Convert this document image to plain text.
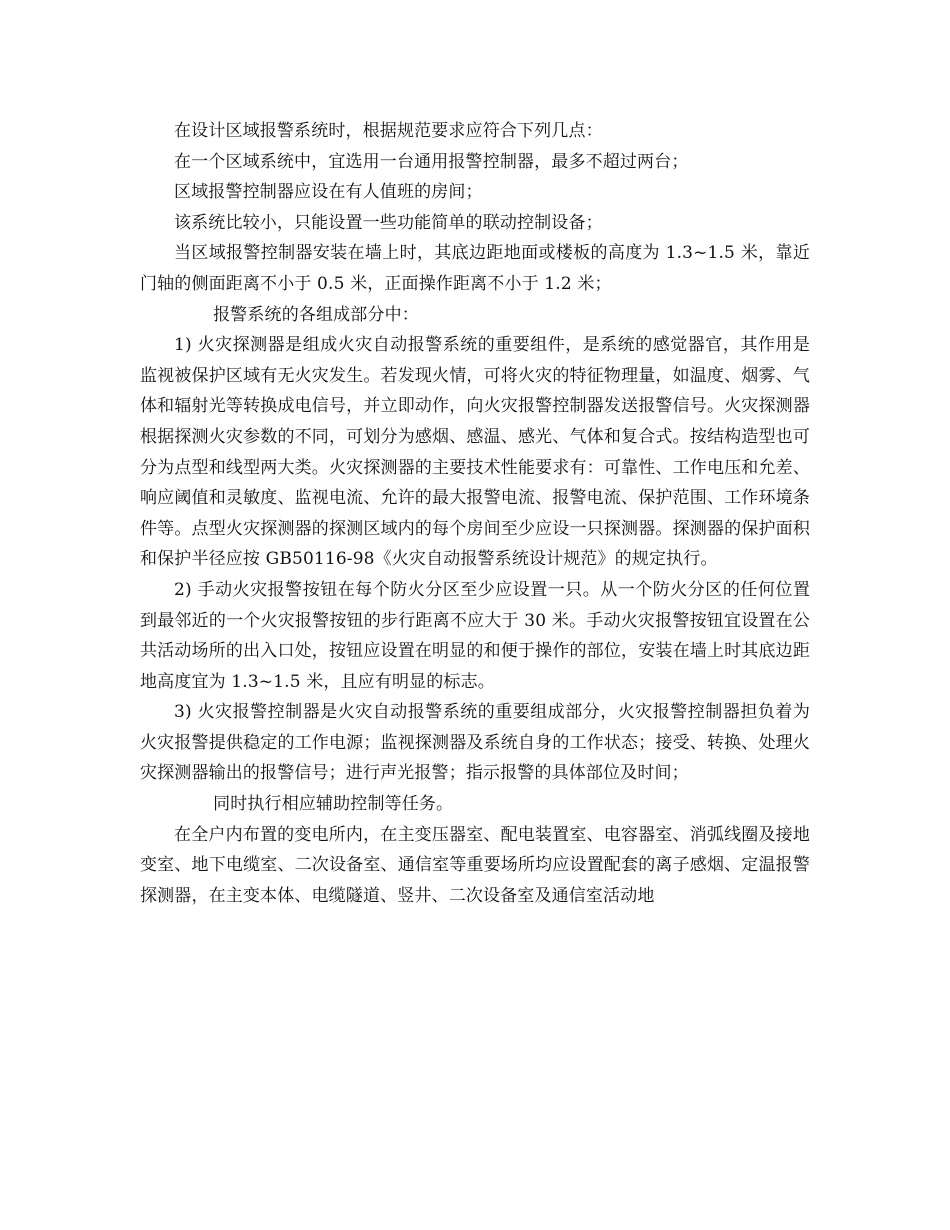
在设计区域报警系统时，根据规范要求应符合下列几点：

在一个区域系统中，宜选用一台通用报警控制器，最多不超过两台；

区域报警控制器应设在有人值班的房间；

该系统比较小，只能设置一些功能简单的联动控制设备；

当区域报警控制器安装在墙上时，其底边距地面或楼板的高度为 1.3~1.5 米，靠近门轴的侧面距离不小于 0.5 米，正面操作距离不小于 1.2 米；

报警系统的各组成部分中：

1) 火灾探测器是组成火灾自动报警系统的重要组件，是系统的感觉器官，其作用是监视被保护区域有无火灾发生。若发现火情，可将火灾的特征物理量，如温度、烟雾、气体和辐射光等转换成电信号，并立即动作，向火灾报警控制器发送报警信号。火灾探测器根据探测火灾参数的不同，可划分为感烟、感温、感光、气体和复合式。按结构造型也可分为点型和线型两大类。火灾探测器的主要技术性能要求有：可靠性、工作电压和允差、响应阈值和灵敏度、监视电流、允许的最大报警电流、报警电流、保护范围、工作环境条件等。点型火灾探测器的探测区域内的每个房间至少应设一只探测器。探测器的保护面积和保护半径应按 GB50116-98《火灾自动报警系统设计规范》的规定执行。

2) 手动火灾报警按钮在每个防火分区至少应设置一只。从一个防火分区的任何位置到最邻近的一个火灾报警按钮的步行距离不应大于 30 米。手动火灾报警按钮宜设置在公共活动场所的出入口处，按钮应设置在明显的和便于操作的部位，安装在墙上时其底边距地高度宜为 1.3~1.5 米，且应有明显的标志。

3) 火灾报警控制器是火灾自动报警系统的重要组成部分，火灾报警控制器担负着为火灾报警提供稳定的工作电源；监视探测器及系统自身的工作状态；接受、转换、处理火灾探测器输出的报警信号；进行声光报警；指示报警的具体部位及时间；

同时执行相应辅助控制等任务。

在全户内布置的变电所内，在主变压器室、配电装置室、电容器室、消弧线圈及接地变室、地下电缆室、二次设备室、通信室等重要场所均应设置配套的离子感烟、定温报警探测器，在主变本体、电缆隧道、竖井、二次设备室及通信室活动地
